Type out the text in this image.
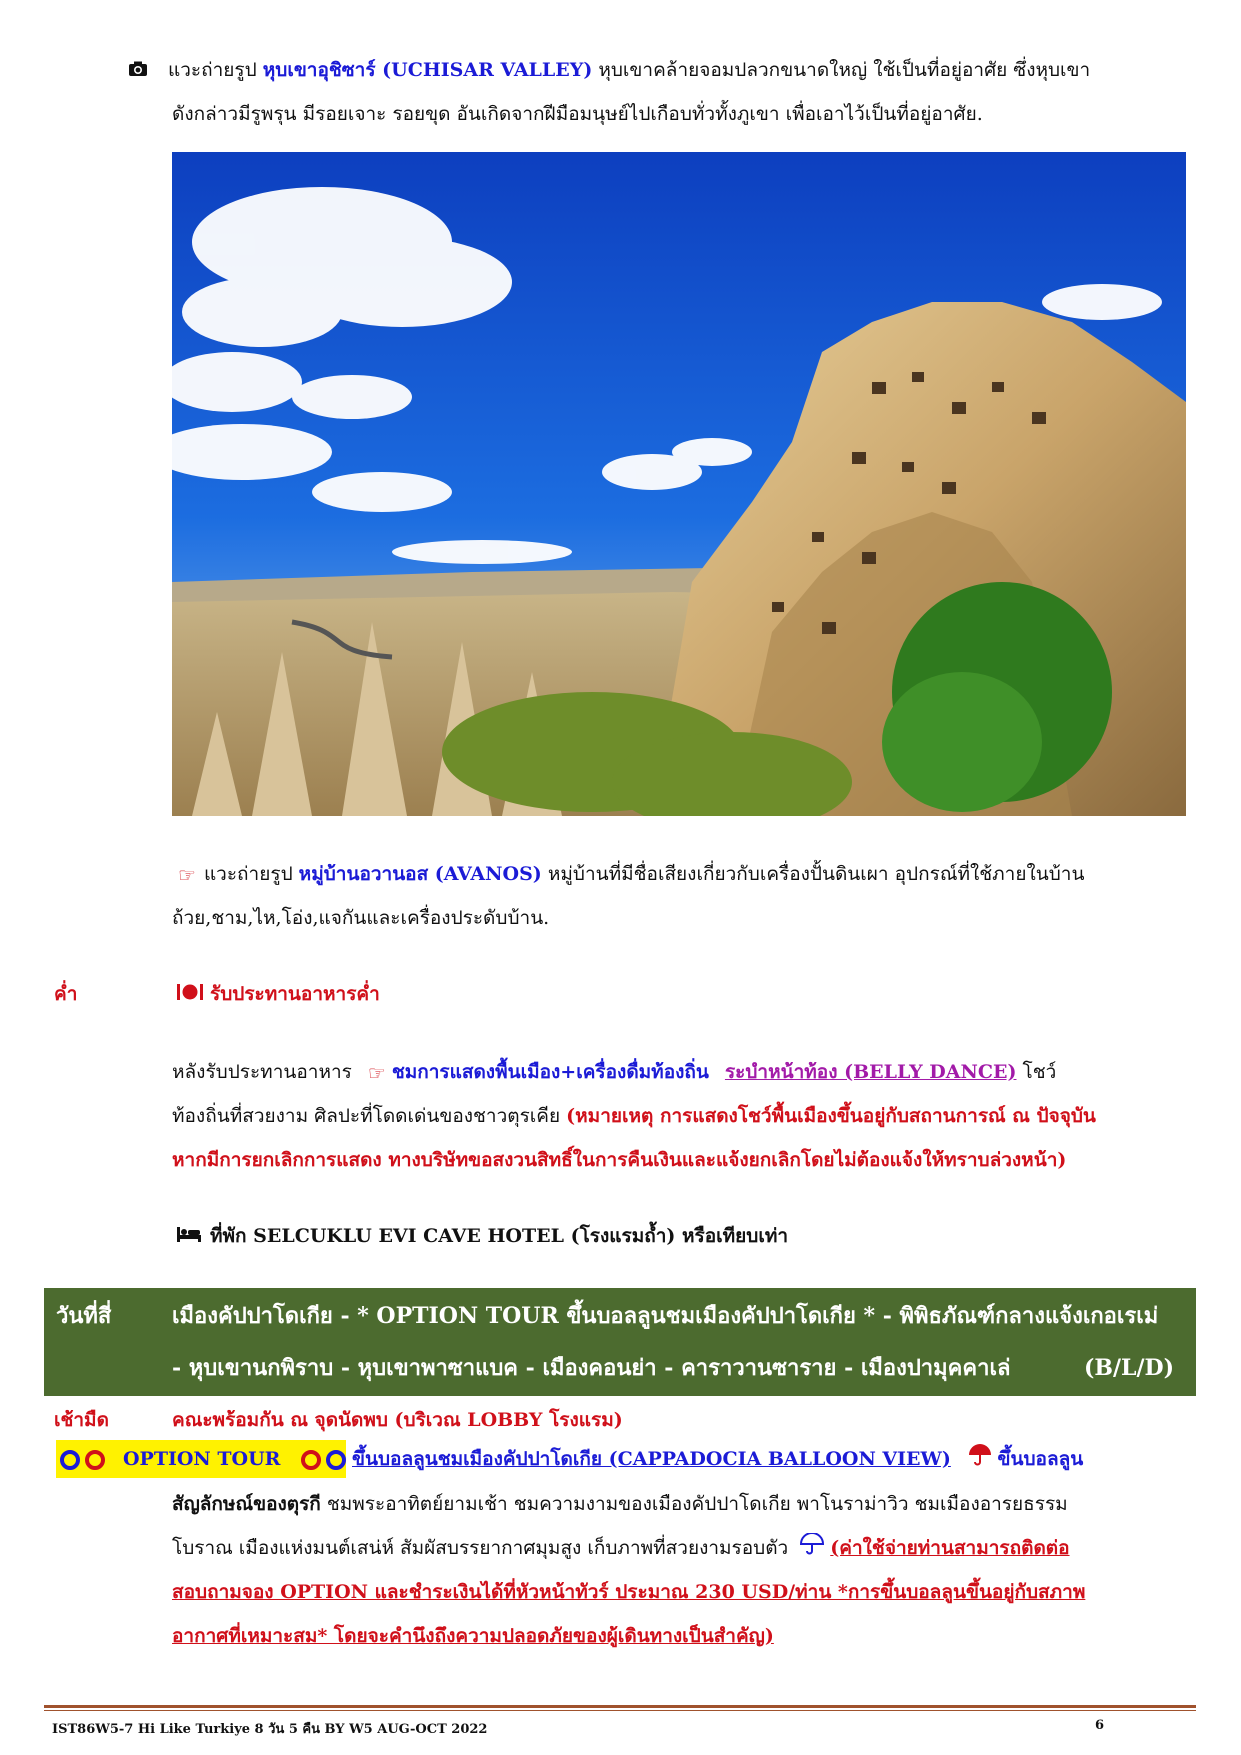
แวะถ่ายรูป หุบเขาอุชิซาร์ (UCHISAR VALLEY) หุบเขาคล้ายจอมปลวกขนาดใหญ่ ใช้เป็นที่อยู่อาศัย ซึ่งหุบเขา
ดังกล่าวมีรูพรุน มีรอยเจาะ รอยขุด อันเกิดจากฝีมือมนุษย์ไปเกือบทั่วทั้งภูเขา เพื่อเอาไว้เป็นที่อยู่อาศัย.
☞ แวะถ่ายรูป หมู่บ้านอวานอส (AVANOS) หมู่บ้านที่มีชื่อเสียงเกี่ยวกับเครื่องปั้นดินเผา อุปกรณ์ที่ใช้ภายในบ้าน
ถ้วย,ชาม,ไห,โอ่ง,แจกันและเครื่องประดับบ้าน.
ค่ำ	รับประทานอาหารค่ำ
หลังรับประทานอาหาร ☞ ชมการแสดงพื้นเมือง+เครื่องดื่มท้องถิ่น ระบำหน้าท้อง (BELLY DANCE) โชว์
ท้องถิ่นที่สวยงาม ศิลปะที่โดดเด่นของชาวตุรเคีย (หมายเหตุ การแสดงโชว์พื้นเมืองขึ้นอยู่กับสถานการณ์ ณ ปัจจุบัน
หากมีการยกเลิกการแสดง ทางบริษัทขอสงวนสิทธิ์ในการคืนเงินและแจ้งยกเลิกโดยไม่ต้องแจ้งให้ทราบล่วงหน้า)
ที่พัก SELCUKLU EVI CAVE HOTEL (โรงแรมถ้ำ) หรือเทียบเท่า
วันที่สี่	เมืองคัปปาโดเกีย - * OPTION TOUR ขึ้นบอลลูนชมเมืองคัปปาโดเกีย * - พิพิธภัณฑ์กลางแจ้งเกอเรเม่
- หุบเขานกพิราบ - หุบเขาพาซาแบค - เมืองคอนย่า - คาราวานซาราย - เมืองปามุคคาเล่	(B/L/D)
เช้ามืด	คณะพร้อมกัน ณ จุดนัดพบ (บริเวณ LOBBY โรงแรม)
OPTION TOUR	ขึ้นบอลลูนชมเมืองคัปปาโดเกีย (CAPPADOCIA BALLOON VIEW) ขึ้นบอลลูน
สัญลักษณ์ของตุรกี ชมพระอาทิตย์ยามเช้า ชมความงามของเมืองคัปปาโดเกีย พาโนราม่าวิว ชมเมืองอารยธรรม
โบราณ เมืองแห่งมนต์เสน่ห์ สัมผัสบรรยากาศมุมสูง เก็บภาพที่สวยงามรอบตัว (ค่าใช้จ่ายท่านสามารถติดต่อ
สอบถามจอง OPTION และชำระเงินได้ที่หัวหน้าทัวร์ ประมาณ 230 USD/ท่าน *การขึ้นบอลลูนขึ้นอยู่กับสภาพ
อากาศที่เหมาะสม* โดยจะคำนึงถึงความปลอดภัยของผู้เดินทางเป็นสำคัญ)
IST86W5-7 Hi Like Turkiye 8 วัน 5 คืน BY W5 AUG-OCT 2022	6
